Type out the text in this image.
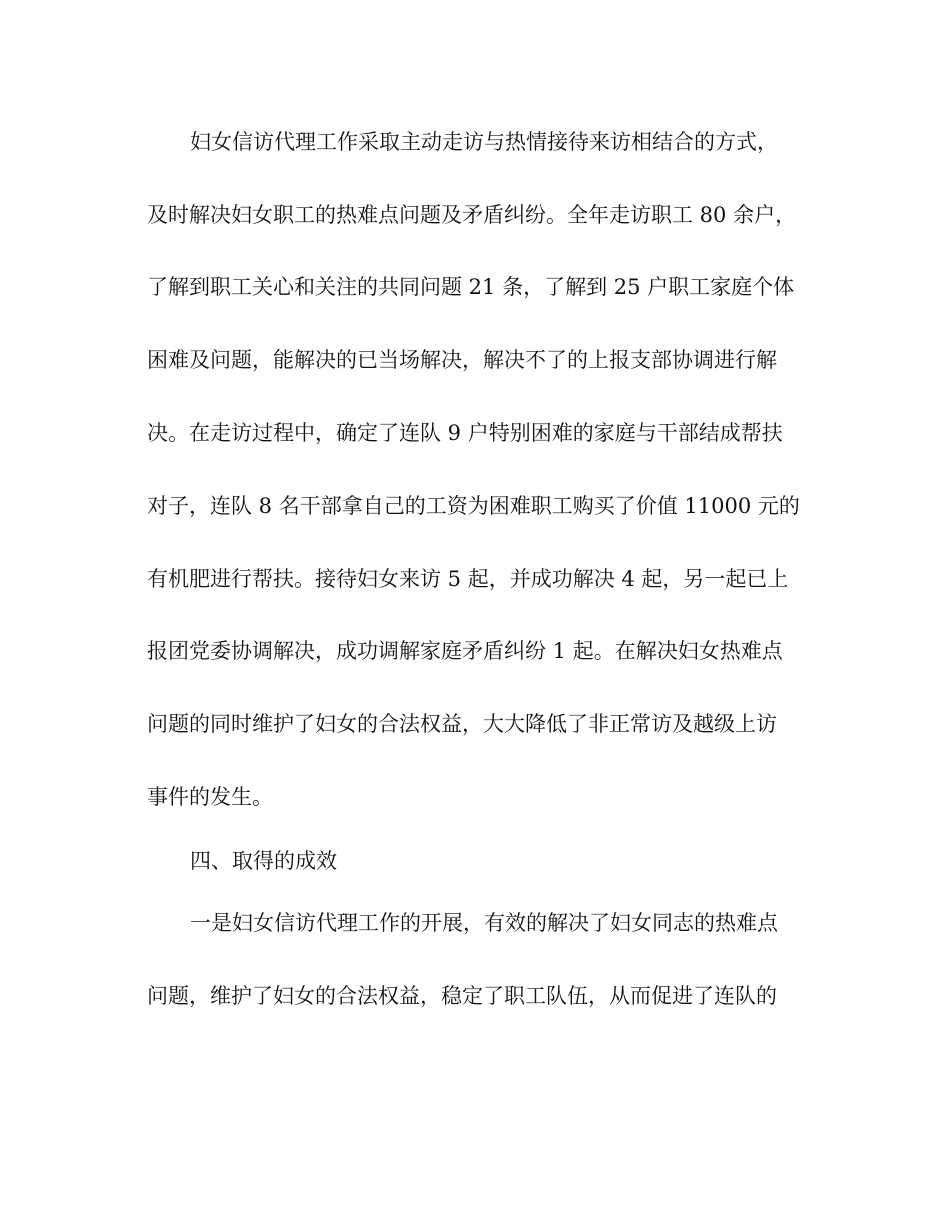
妇女信访代理工作采取主动走访与热情接待来访相结合的方式，
及时解决妇女职工的热难点问题及矛盾纠纷。全年走访职工 80 余户，
了解到职工关心和关注的共同问题 21 条，了解到 25 户职工家庭个体
困难及问题，能解决的已当场解决，解决不了的上报支部协调进行解
决。在走访过程中，确定了连队 9 户特别困难的家庭与干部结成帮扶
对子，连队 8 名干部拿自己的工资为困难职工购买了价值 11000 元的
有机肥进行帮扶。接待妇女来访 5 起，并成功解决 4 起，另一起已上
报团党委协调解决，成功调解家庭矛盾纠纷 1 起。在解决妇女热难点
问题的同时维护了妇女的合法权益，大大降低了非正常访及越级上访
事件的发生。
四、取得的成效
一是妇女信访代理工作的开展，有效的解决了妇女同志的热难点
问题，维护了妇女的合法权益，稳定了职工队伍，从而促进了连队的
